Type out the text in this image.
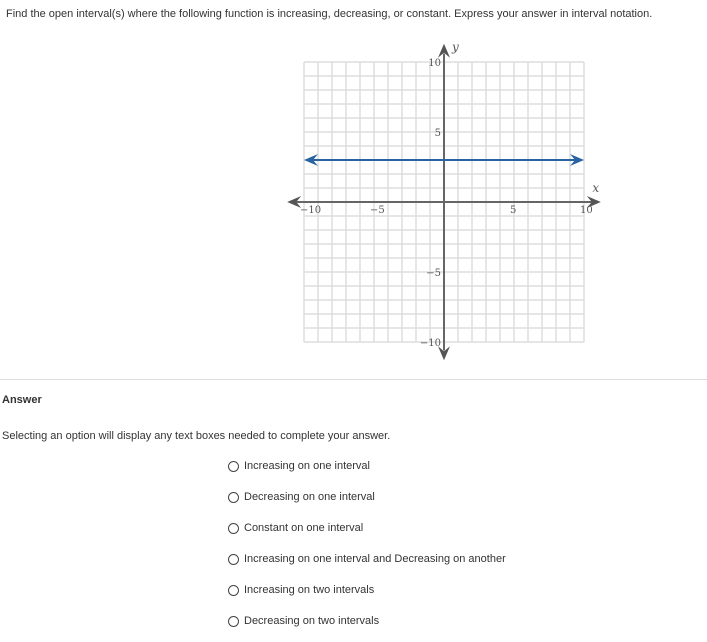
Find the open interval(s) where the following function is increasing, decreasing, or constant. Express your answer in interval notation.
−10	−5	5	10
10
5
−5
−10
x
y
Answer
Selecting an option will display any text boxes needed to complete your answer.
Increasing on one interval
Decreasing on one interval
Constant on one interval
Increasing on one interval and Decreasing on another
Increasing on two intervals
Decreasing on two intervals
